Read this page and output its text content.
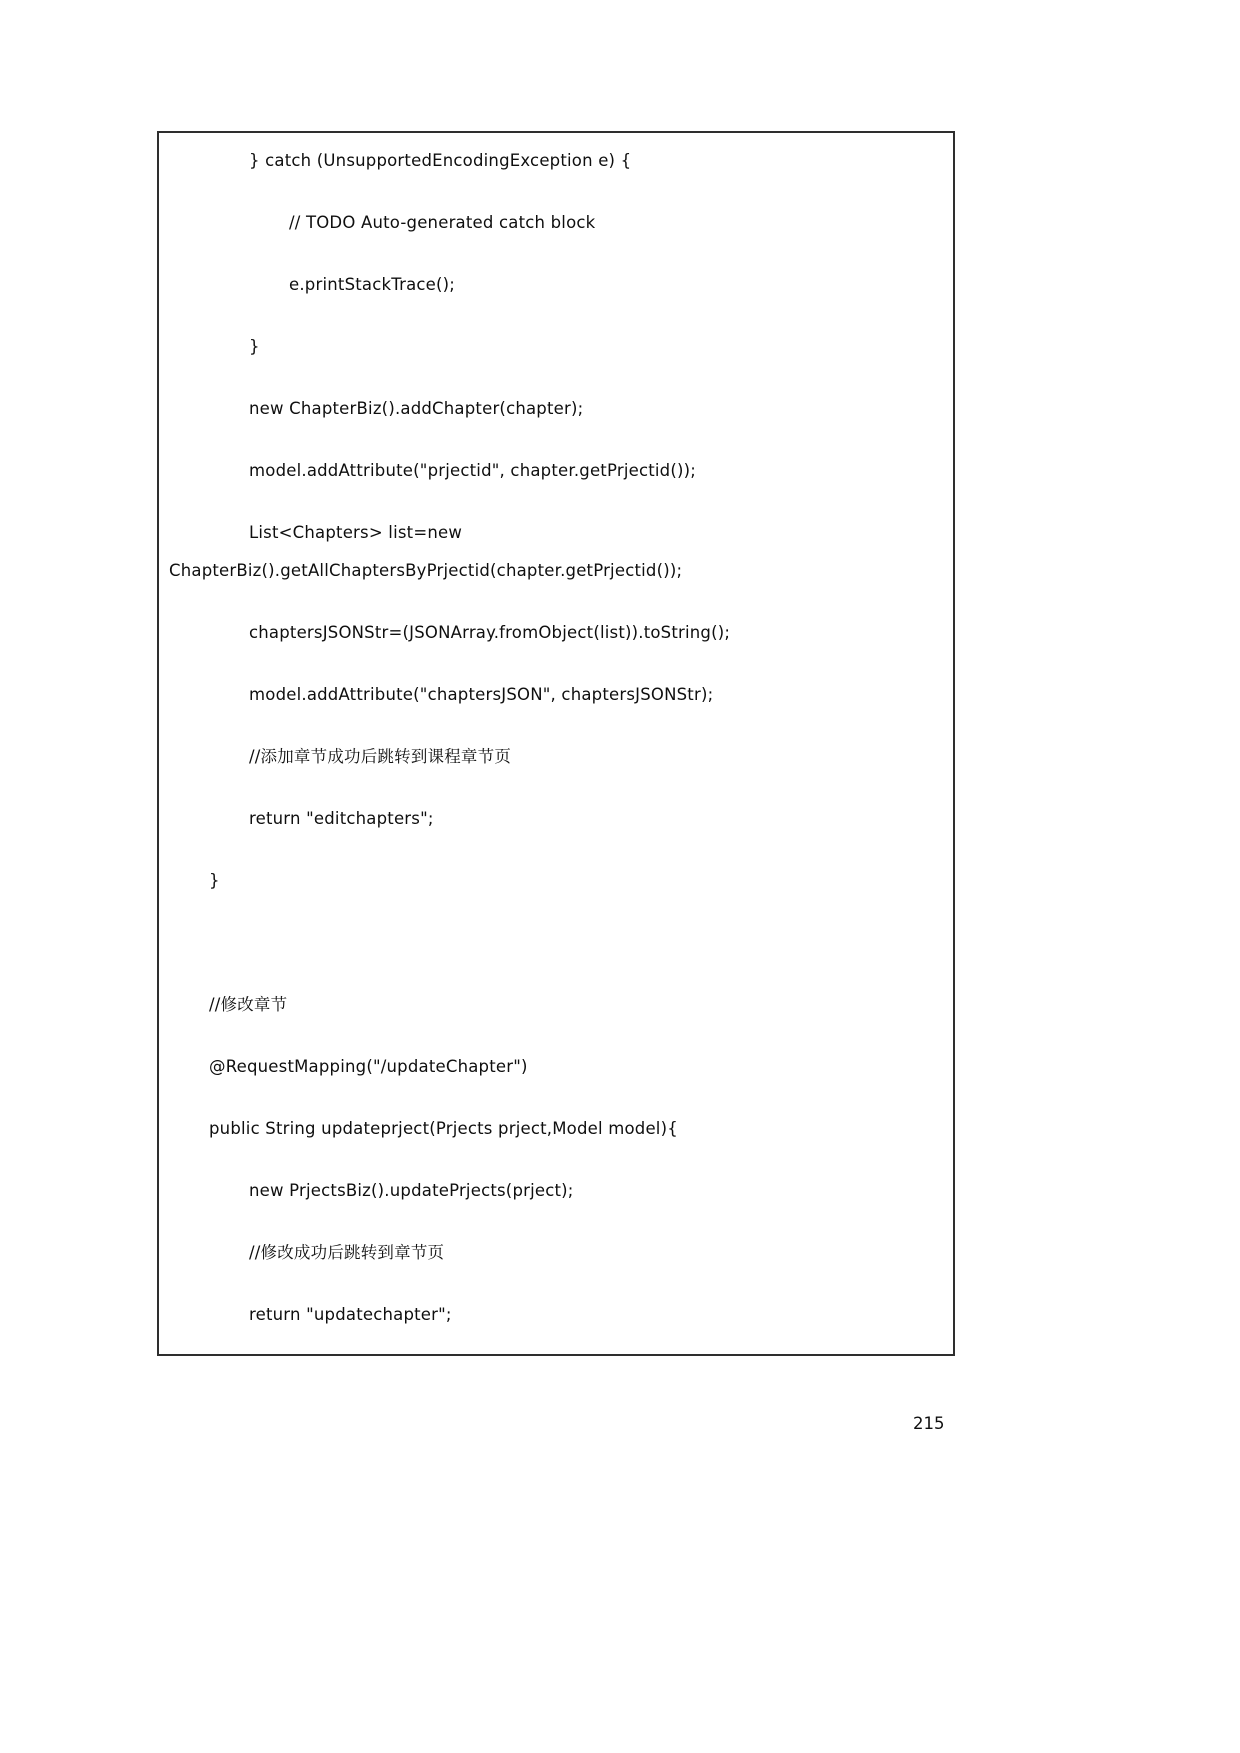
} catch (UnsupportedEncodingException e) {
// TODO Auto-generated catch block
e.printStackTrace();
}
new ChapterBiz().addChapter(chapter);
model.addAttribute("prjectid", chapter.getPrjectid());
List<Chapters> list=new
ChapterBiz().getAllChaptersByPrjectid(chapter.getPrjectid());
chaptersJSONStr=(JSONArray.fromObject(list)).toString();
model.addAttribute("chaptersJSON", chaptersJSONStr);
//添加章节成功后跳转到课程章节页
return "editchapters";
}
//修改章节
@RequestMapping("/updateChapter")
public String updateprject(Prjects prject,Model model){
new PrjectsBiz().updatePrjects(prject);
//修改成功后跳转到章节页
return "updatechapter";
215
